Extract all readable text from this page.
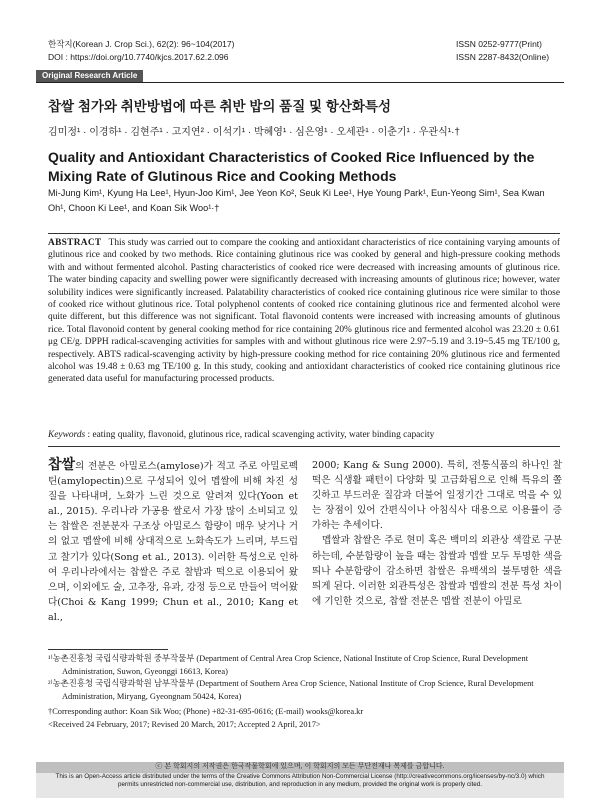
한작지(Korean J. Crop Sci.), 62(2): 96~104(2017)
DOI : https://doi.org/10.7740/kjcs.2017.62.2.096
ISSN 0252-9777(Print)
ISSN 2287-8432(Online)
Original Research Article
찹쌀 첨가와 취반방법에 따른 취반 밥의 품질 및 항산화특성
김미정¹ · 이경하¹ · 김현주¹ · 고지연² · 이석기¹ · 박혜영¹ · 심은영¹ · 오세관¹ · 이춘기¹ · 우관식¹·†
Quality and Antioxidant Characteristics of Cooked Rice Influenced by the Mixing Rate of Glutinous Rice and Cooking Methods
Mi-Jung Kim¹, Kyung Ha Lee¹, Hyun-Joo Kim¹, Jee Yeon Ko², Seuk Ki Lee¹, Hye Young Park¹, Eun-Yeong Sim¹, Sea Kwan Oh¹, Choon Ki Lee¹, and Koan Sik Woo¹·†
ABSTRACT This study was carried out to compare the cooking and antioxidant characteristics of rice containing varying amounts of glutinous rice and cooked by two methods. Rice containing glutinous rice was cooked by general and high-pressure cooking methods with and without fermented alcohol. Pasting characteristics of cooked rice were decreased with increasing amounts of glutinous rice. The water binding capacity and swelling power were significantly decreased with increasing amounts of glutinous rice; however, water solubility indices were significantly increased. Palatability characteristics of cooked rice containing glutinous rice were similar to those of cooked rice without glutinous rice. Total polyphenol contents of cooked rice containing glutinous rice and fermented alcohol were quite different, but this difference was not significant. Total flavonoid contents were increased with increasing amounts of glutinous rice. Total flavonoid content by general cooking method for rice containing 20% glutinous rice and fermented alcohol was 23.20 ± 0.61 μg CE/g. DPPH radical-scavenging activities for samples with and without glutinous rice were 2.97~5.19 and 3.19~5.45 mg TE/100 g, respectively. ABTS radical-scavenging activity by high-pressure cooking method for rice containing 20% glutinous rice and fermented alcohol was 19.48 ± 0.63 mg TE/100 g. In this study, cooking and antioxidant characteristics of cooked rice containing glutinous rice generated data useful for manufacturing processed products.
Keywords : eating quality, flavonoid, glutinous rice, radical scavenging activity, water binding capacity
찹쌀의 전분은 아밀로스(amylose)가 적고 주로 아밀로펙틴(amylopectin)으로 구성되어 있어 멥쌀에 비해 차진 성질을 나타내며, 노화가 느린 것으로 알려져 있다(Yoon et al., 2015). 우리나라 가공용 쌀로서 가장 많이 소비되고 있는 찹쌀은 전분분자 구조상 아밀로스 함량이 매우 낮거나 거의 없고 멥쌀에 비해 상대적으로 노화속도가 느리며, 부드럽고 찰기가 있다(Song et al., 2013). 이러한 특성으로 인하여 우리나라에서는 찹쌀은 주로 찰밥과 떡으로 이용되어 왔으며, 이외에도 술, 고추장, 유과, 강정 등으로 만들어 먹어왔다(Choi & Kang 1999; Chun et al., 2010; Kang et al.,
2000; Kang & Sung 2000). 특히, 전통식품의 하나인 찰떡은 식생활 패턴이 다양화 및 고급화됨으로 인해 특유의 쫄깃하고 부드러운 질감과 더불어 일정기간 그대로 먹을 수 있는 장점이 있어 간편식이나 아침식사 대용으로 이용률이 증가하는 추세이다.
멥쌀과 찹쌀은 주로 현미 혹은 백미의 외관상 색깔로 구분하는데, 수분함량이 높을 때는 찹쌀과 멥쌀 모두 투명한 색을 띄나 수분함량이 감소하면 찹쌀은 유백색의 불투명한 색을 띄게 된다. 이러한 외관특성은 찹쌀과 멥쌀의 전분 특성 차이에 기인한 것으로, 찹쌀 전분은 멥쌀 전분이 아밀로
¹⁾농촌진흥청 국립식량과학원 중부작물부 (Department of Central Area Crop Science, National Institute of Crop Science, Rural Development
Administration, Suwon, Gyeonggi 16613, Korea)
²⁾농촌진흥청 국립식량과학원 남부작물부 (Department of Southern Area Crop Science, National Institute of Crop Science, Rural Development
Administration, Miryang, Gyeongnam 50424, Korea)
†Corresponding author: Koan Sik Woo; (Phone) +82-31-695-0616; (E-mail) wooks@korea.kr
<Received 24 February, 2017; Revised 20 March, 2017; Accepted 2 April, 2017>
ⓒ 본 학회지의 저작권은 한국작물학회에 있으며, 이 학회지의 모든 무단전재나 복제를 금합니다.
This is an Open-Access article distributed under the terms of the Creative Commons Attribution Non-Commercial License (http://creativecommons.org/licenses/by-nc/3.0) which
permits unrestricted non-commercial use, distribution, and reproduction in any medium, provided the original work is properly cited.
